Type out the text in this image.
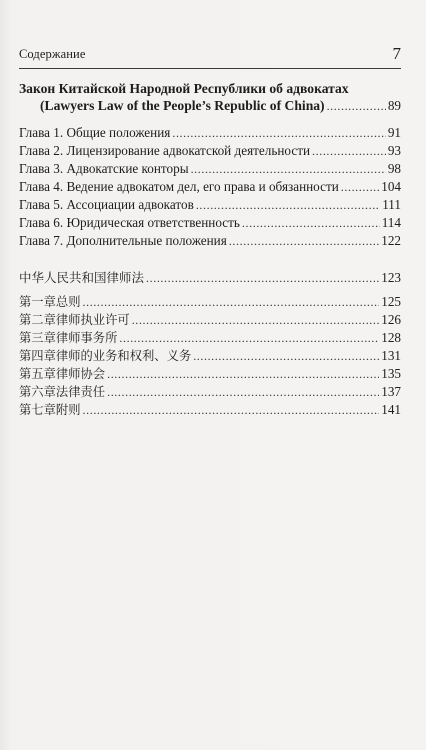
Содержание	7
Закон Китайской Народной Республики об адвокатах
(Lawyers Law of the People’s Republic of China) .....	89
Глава 1. Общие положения .....	91
Глава 2. Лицензирование адвокатской деятельности .....	93
Глава 3. Адвокатские конторы .....	98
Глава 4. Ведение адвокатом дел, его права и обязанности .....	104
Глава 5. Ассоциации адвокатов .....	111
Глава 6. Юридическая ответственность .....	114
Глава 7. Дополнительные положения .....	122
中华人民共和国律师法 .....	123
第一章 总则 .....	125
第二章 律师执业许可 .....	126
第三章 律师事务所 .....	128
第四章 律师的业务和权利、义务 .....	131
第五章 律师协会 .....	135
第六章 法律责任 .....	137
第七章 附则 .....	141
